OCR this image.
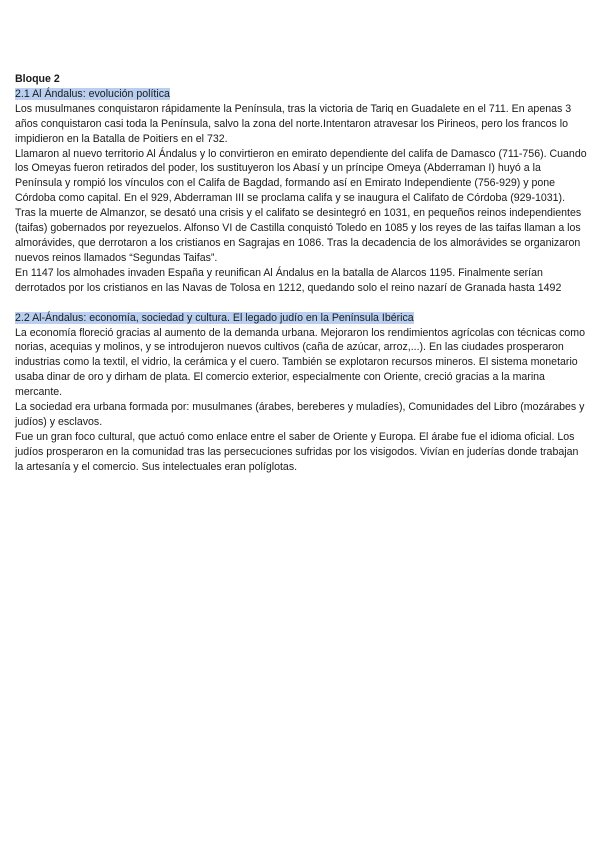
Bloque 2
2.1 Al Ándalus: evolución política

Los musulmanes conquistaron rápidamente la Península, tras la victoria de Tariq en Guadalete en el 711. En apenas 3 años conquistaron casi toda la Península, salvo la zona del norte.Intentaron atravesar los Pirineos, pero los francos lo impidieron en la Batalla de Poitiers en el 732.

Llamaron al nuevo territorio Al Ándalus y lo convirtieron en emirato dependiente del califa de Damasco (711-756). Cuando los Omeyas fueron retirados del poder, los sustituyeron los Abasí y un príncipe Omeya (Abderraman I) huyó a la Península y rompió los vínculos con el Califa de Bagdad, formando así en Emirato Independiente (756-929) y pone Córdoba como capital. En el 929, Abderraman III se proclama califa y se inaugura el Califato de Córdoba (929-1031).

Tras la muerte de Almanzor, se desató una crisis y el califato se desintegró en 1031, en pequeños reinos independientes (taifas) gobernados por reyezuelos. Alfonso VI de Castilla conquistó Toledo en 1085 y los reyes de las taifas llaman a los almorávides, que derrotaron a los cristianos en Sagrajas en 1086. Tras la decadencia de los almorávides se organizaron nuevos reinos llamados “Segundas Taifas”.

En 1147 los almohades invaden España y reunifican Al Ándalus en la batalla de Alarcos 1195. Finalmente serían derrotados por los cristianos en las Navas de Tolosa en 1212, quedando solo el reino nazarí de Granada hasta 1492

2.2 Al-Ándalus: economía, sociedad y cultura. El legado judío en la Península Ibérica

La economía floreció gracias al aumento de la demanda urbana. Mejoraron los rendimientos agrícolas con técnicas como norias, acequias y molinos, y se introdujeron nuevos cultivos (caña de azúcar, arroz,...). En las ciudades prosperaron industrias como la textil, el vidrio, la cerámica y el cuero. También se explotaron recursos mineros. El sistema monetario usaba dinar de oro y dirham de plata. El comercio exterior, especialmente con Oriente, creció gracias a la marina mercante.

La sociedad era urbana formada por: musulmanes (árabes, bereberes y muladíes), Comunidades del Libro (mozárabes y judíos) y esclavos.

Fue un gran foco cultural, que actuó como enlace entre el saber de Oriente y Europa. El árabe fue el idioma oficial. Los judíos prosperaron en la comunidad tras las persecuciones sufridas por los visigodos. Vivían en juderías donde trabajan la artesanía y el comercio. Sus intelectuales eran políglotas.
